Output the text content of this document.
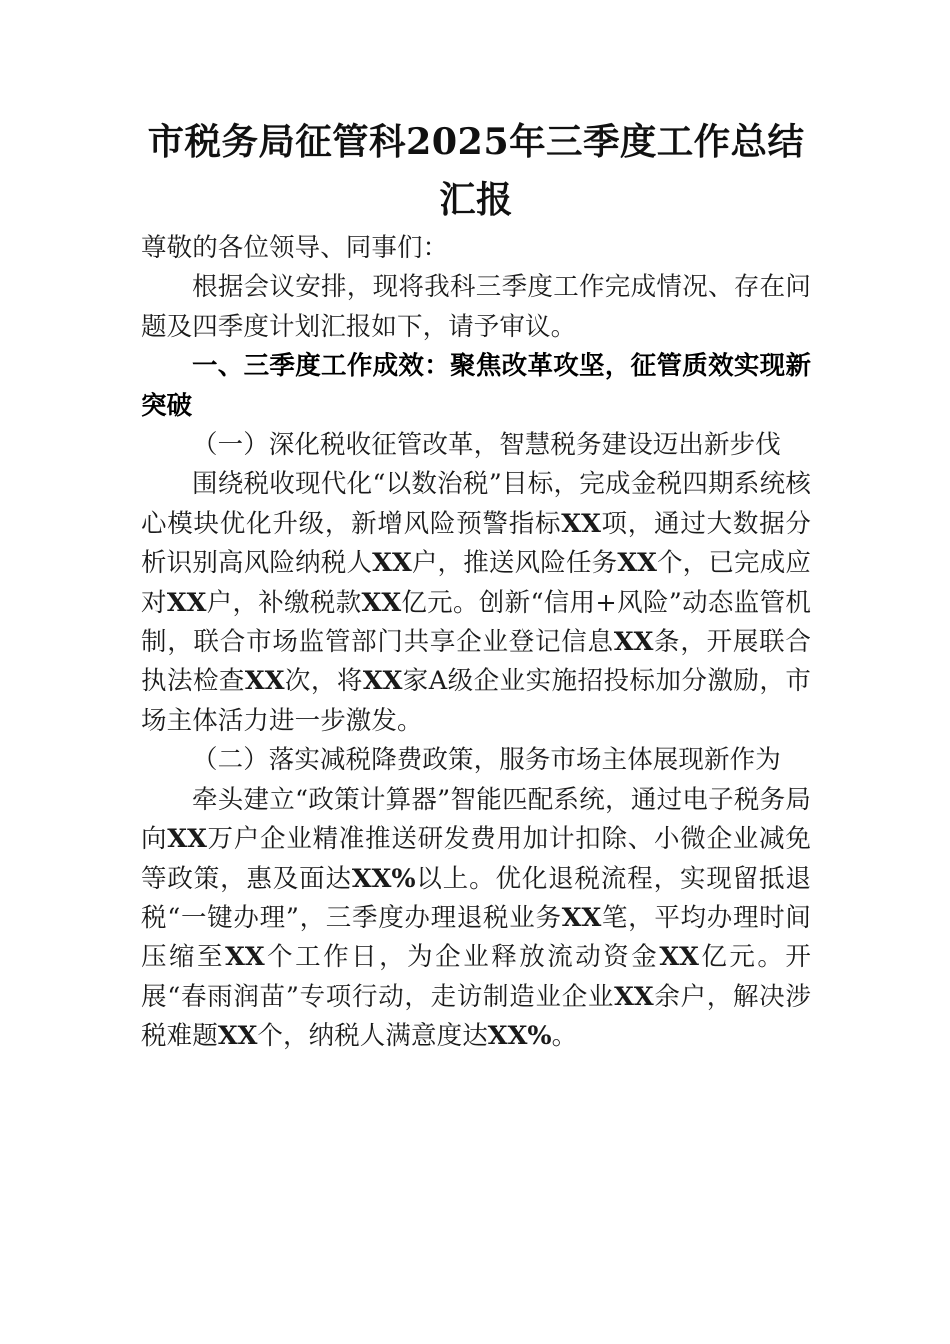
市税务局征管科2025年三季度工作总结汇报

尊敬的各位领导、同事们：

根据会议安排，现将我科三季度工作完成情况、存在问题及四季度计划汇报如下，请予审议。

一、三季度工作成效：聚焦改革攻坚，征管质效实现新突破

（一）深化税收征管改革，智慧税务建设迈出新步伐

围绕税收现代化“以数治税”目标，完成金税四期系统核心模块优化升级，新增风险预警指标XX项，通过大数据分析识别高风险纳税人XX户，推送风险任务XX个，已完成应对XX户，补缴税款XX亿元。创新“信用+风险”动态监管机制，联合市场监管部门共享企业登记信息XX条，开展联合执法检查XX次，将XX家A级企业实施招投标加分激励，市场主体活力进一步激发。

（二）落实减税降费政策，服务市场主体展现新作为

牵头建立“政策计算器”智能匹配系统，通过电子税务局向XX万户企业精准推送研发费用加计扣除、小微企业减免等政策，惠及面达XX%以上。优化退税流程，实现留抵退税“一键办理”，三季度办理退税业务XX笔，平均办理时间压缩至XX个工作日，为企业释放流动资金XX亿元。开展“春雨润苗”专项行动，走访制造业企业XX余户，解决涉税难题XX个，纳税人满意度达XX%。
